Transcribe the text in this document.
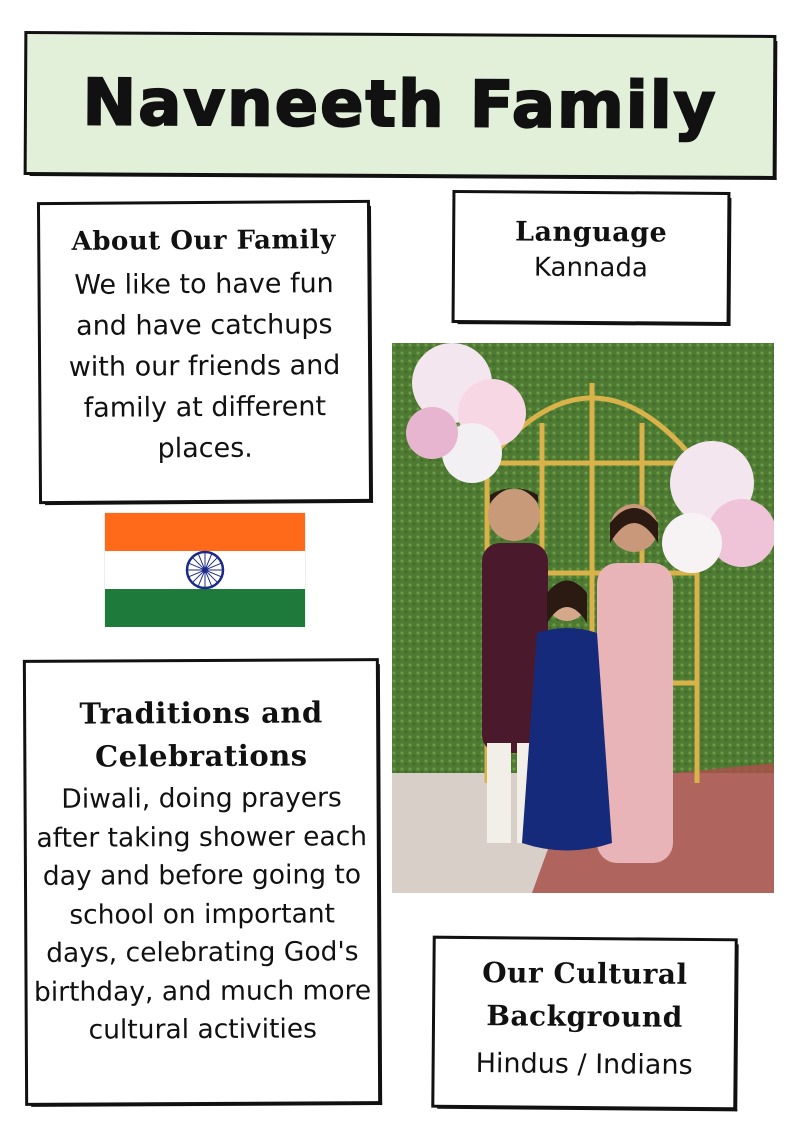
Navneeth Family
About Our Family
We like to have fun and have catchups with our friends and family at different places.
Language
Kannada
Traditions and Celebrations
Diwali, doing prayers after taking shower each day and before going to school on important days, celebrating God's birthday, and much more cultural activities
Our Cultural Background
Hindus / Indians
